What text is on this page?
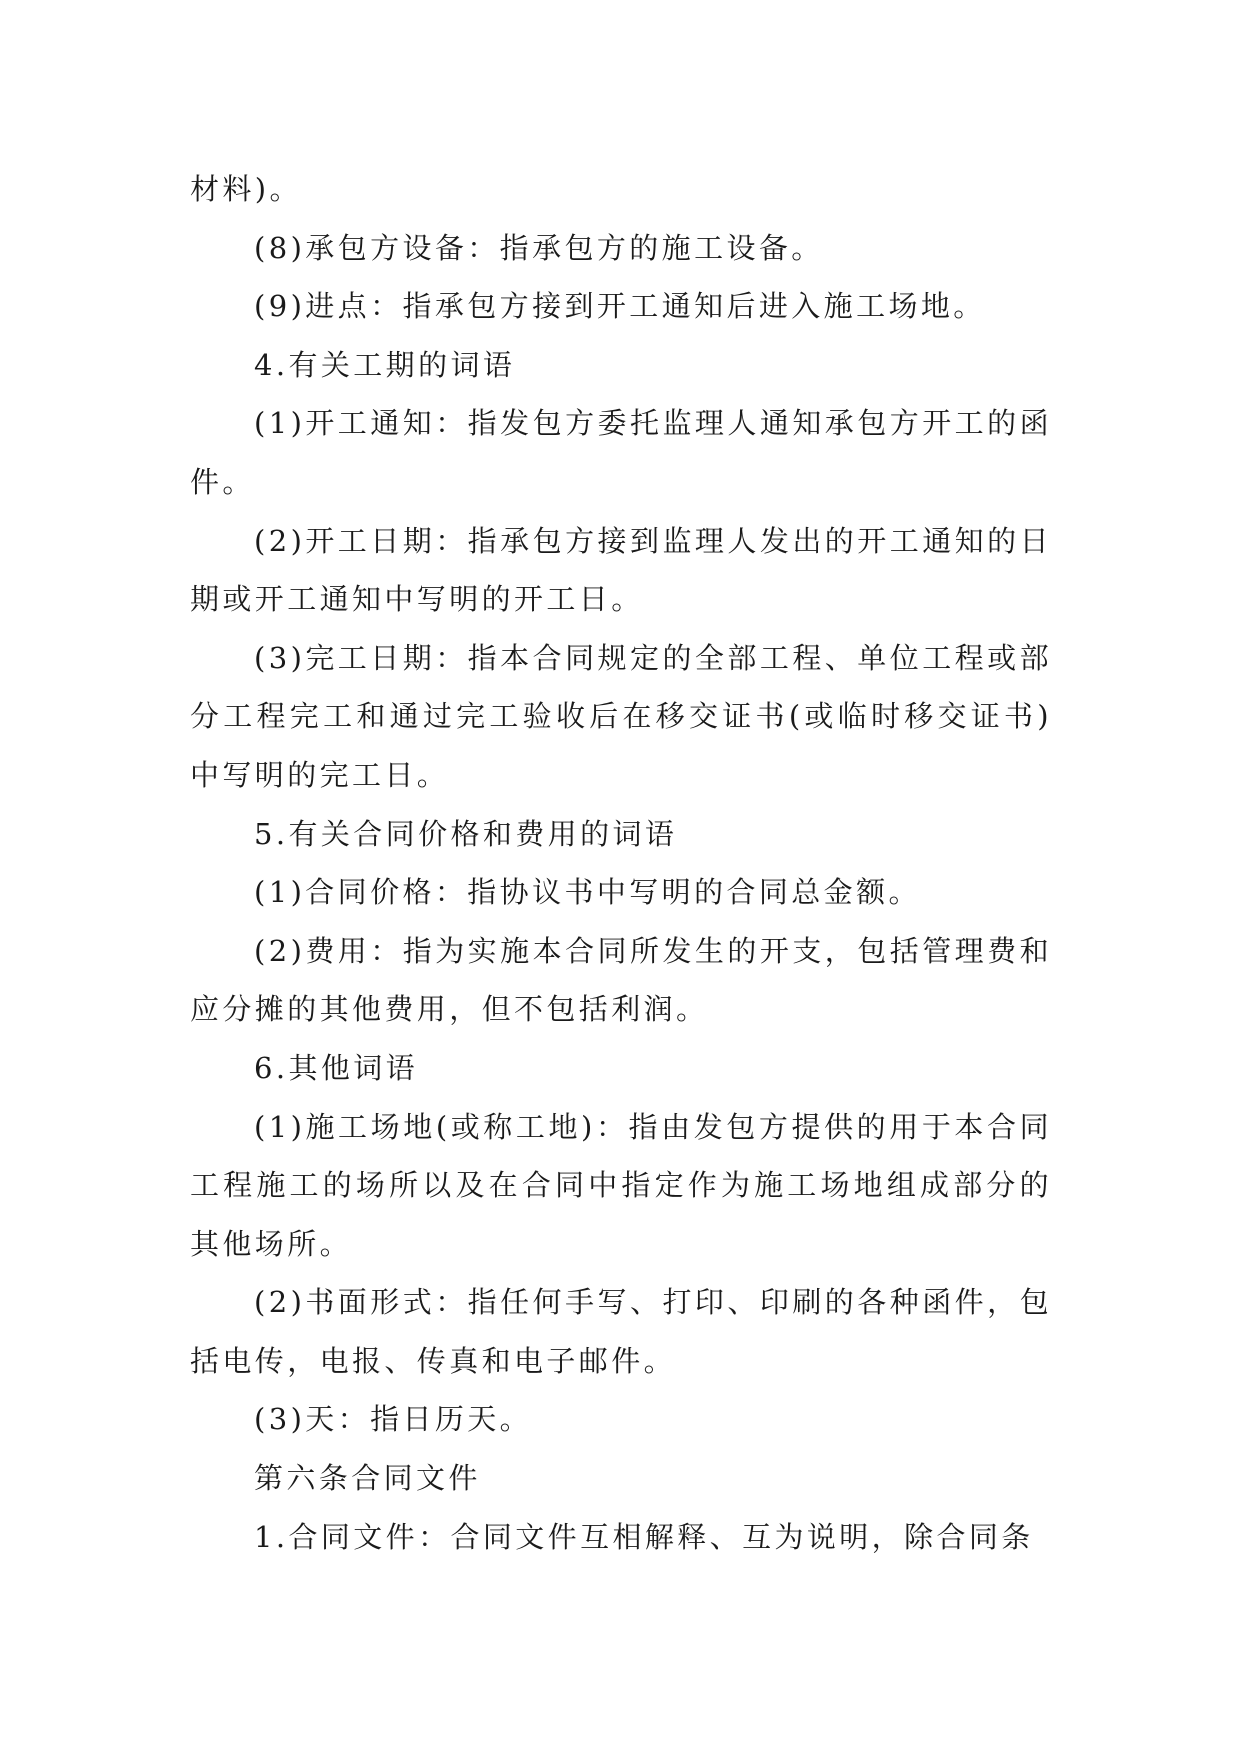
材料)。

(8)承包方设备：指承包方的施工设备。

(9)进点：指承包方接到开工通知后进入施工场地。

4.有关工期的词语

(1)开工通知：指发包方委托监理人通知承包方开工的函件。

(2)开工日期：指承包方接到监理人发出的开工通知的日期或开工通知中写明的开工日。

(3)完工日期：指本合同规定的全部工程、单位工程或部分工程完工和通过完工验收后在移交证书(或临时移交证书)中写明的完工日。

5.有关合同价格和费用的词语

(1)合同价格：指协议书中写明的合同总金额。

(2)费用：指为实施本合同所发生的开支，包括管理费和应分摊的其他费用，但不包括利润。

6.其他词语

(1)施工场地(或称工地)：指由发包方提供的用于本合同工程施工的场所以及在合同中指定作为施工场地组成部分的其他场所。

(2)书面形式：指任何手写、打印、印刷的各种函件，包括电传，电报、传真和电子邮件。

(3)天：指日历天。

第六条合同文件

1.合同文件：合同文件互相解释、互为说明，除合同条
